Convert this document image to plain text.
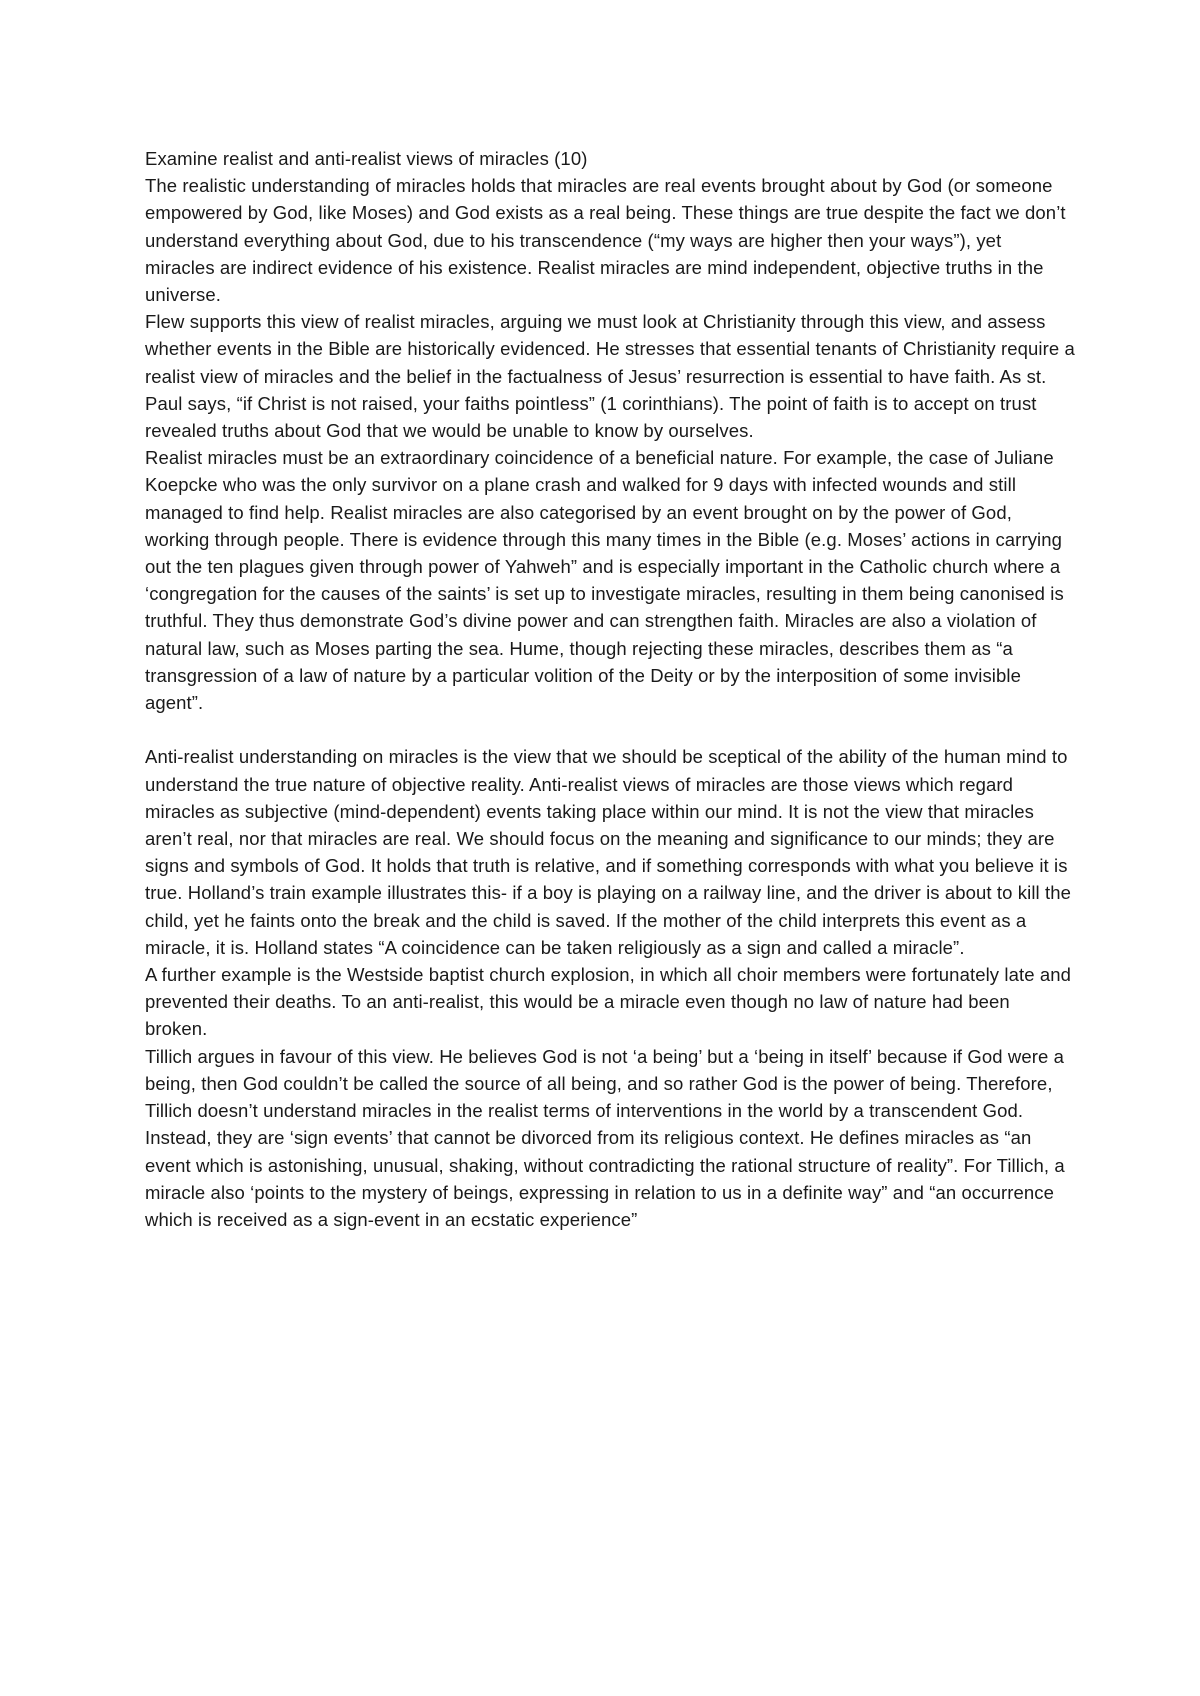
Examine realist and anti-realist views of miracles (10)

The realistic understanding of miracles holds that miracles are real events brought about by God (or someone empowered by God, like Moses) and God exists as a real being. These things are true despite the fact we don’t understand everything about God, due to his transcendence (“my ways are higher then your ways”), yet miracles are indirect evidence of his existence. Realist miracles are mind independent, objective truths in the universe.

Flew supports this view of realist miracles, arguing we must look at Christianity through this view, and assess whether events in the Bible are historically evidenced. He stresses that essential tenants of Christianity require a realist view of miracles and the belief in the factualness of Jesus’ resurrection is essential to have faith. As st. Paul says, “if Christ is not raised, your faiths pointless” (1 corinthians). The point of faith is to accept on trust revealed truths about God that we would be unable to know by ourselves.

Realist miracles must be an extraordinary coincidence of a beneficial nature. For example, the case of Juliane Koepcke who was the only survivor on a plane crash and walked for 9 days with infected wounds and still managed to find help. Realist miracles are also categorised by an event brought on by the power of God, working through people. There is evidence through this many times in the Bible (e.g. Moses’ actions in carrying out the ten plagues given through power of Yahweh” and is especially important in the Catholic church where a ‘congregation for the causes of the saints’ is set up to investigate miracles, resulting in them being canonised is truthful. They thus demonstrate God’s divine power and can strengthen faith. Miracles are also a violation of natural law, such as Moses parting the sea. Hume, though rejecting these miracles, describes them as “a transgression of a law of nature by a particular volition of the Deity or by the interposition of some invisible agent”.

Anti-realist understanding on miracles is the view that we should be sceptical of the ability of the human mind to understand the true nature of objective reality. Anti-realist views of miracles are those views which regard miracles as subjective (mind-dependent) events taking place within our mind. It is not the view that miracles aren’t real, nor that miracles are real. We should focus on the meaning and significance to our minds; they are signs and symbols of God. It holds that truth is relative, and if something corresponds with what you believe it is true. Holland’s train example illustrates this- if a boy is playing on a railway line, and the driver is about to kill the child, yet he faints onto the break and the child is saved. If the mother of the child interprets this event as a miracle, it is. Holland states “A coincidence can be taken religiously as a sign and called a miracle”.

A further example is the Westside baptist church explosion, in which all choir members were fortunately late and prevented their deaths. To an anti-realist, this would be a miracle even though no law of nature had been broken.

Tillich argues in favour of this view. He believes God is not ‘a being’ but a ‘being in itself’ because if God were a being, then God couldn’t be called the source of all being, and so rather God is the power of being. Therefore, Tillich doesn’t understand miracles in the realist terms of interventions in the world by a transcendent God. Instead, they are ‘sign events’ that cannot be divorced from its religious context. He defines miracles as “an event which is astonishing, unusual, shaking, without contradicting the rational structure of reality”. For Tillich, a miracle also ‘points to the mystery of beings, expressing in relation to us in a definite way” and “an occurrence which is received as a sign-event in an ecstatic experience”
